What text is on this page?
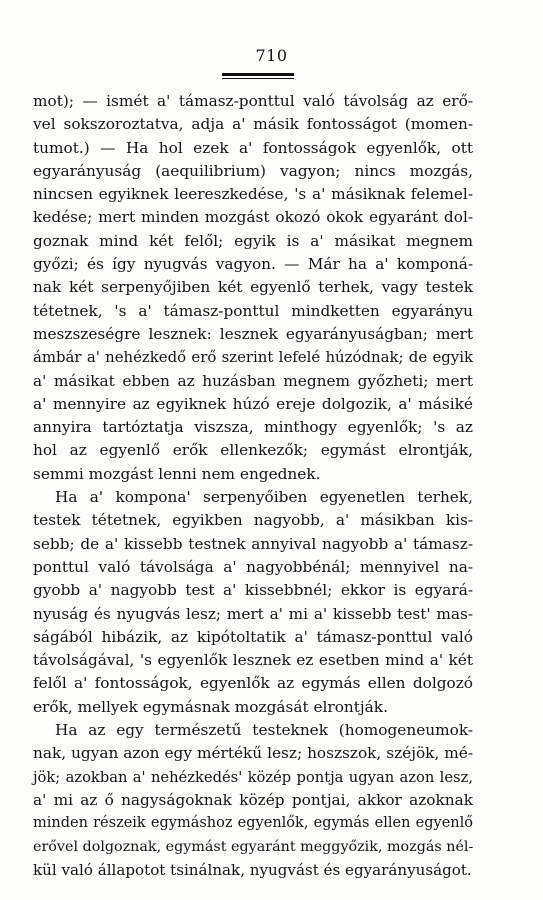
710
mot); — ismét a' támasz-ponttul való távolság az erő-
vel sokszoroztatva, adja a' másik fontosságot (momen-
tumot.) — Ha hol ezek a' fontosságok egyenlők, ott
egyarányuság (aequilibrium) vagyon; nincs mozgás,
nincsen egyiknek leereszkedése, 's a' másiknak felemel-
kedése; mert minden mozgást okozó okok egyaránt dol-
goznak mind két felől; egyik is a' másikat megnem
győzi; és így nyugvás vagyon. — Már ha a' komponá-
nak két serpenyőjiben két egyenlő terhek, vagy testek
tétetnek, 's a' támasz-ponttul mindketten egyarányu
meszszeségre lesznek: lesznek egyarányuságban; mert
ámbár a' nehézkedő erő szerint lefelé húzódnak; de egyik
a' másikat ebben az huzásban megnem győzheti; mert
a' mennyire az egyiknek húzó ereje dolgozik, a' másiké
annyira tartóztatja viszsza, minthogy egyenlők; 's az
hol az egyenlő erők ellenkezők; egymást elrontják,
semmi mozgást lenni nem engednek.
Ha a' kompona' serpenyőiben egyenetlen terhek,
testek tétetnek, egyikben nagyobb, a' másikban kis-
sebb; de a' kissebb testnek annyival nagyobb a' támasz-
ponttul való távolsága a' nagyobbénál; mennyivel na-
gyobb a' nagyobb test a' kissebbnél; ekkor is egyará-
nyuság és nyugvás lesz; mert a' mi a' kissebb test' mas-
ságából hibázik, az kipótoltatik a' támasz-ponttul való
távolságával, 's egyenlők lesznek ez esetben mind a' két
felől a' fontosságok, egyenlők az egymás ellen dolgozó
erők, mellyek egymásnak mozgását elrontják.
Ha az egy természetű testeknek (homogeneumok-
nak, ugyan azon egy mértékű lesz; hoszszok, széjök, mé-
jök; azokban a' nehézkedés' közép pontja ugyan azon lesz,
a' mi az ő nagyságoknak közép pontjai, akkor azoknak
minden részeik egymáshoz egyenlők, egymás ellen egyenlő
erővel dolgoznak, egymást egyaránt meggyőzik, mozgás nél-
kül való állapotot tsinálnak, nyugvást és egyarányuságot.
